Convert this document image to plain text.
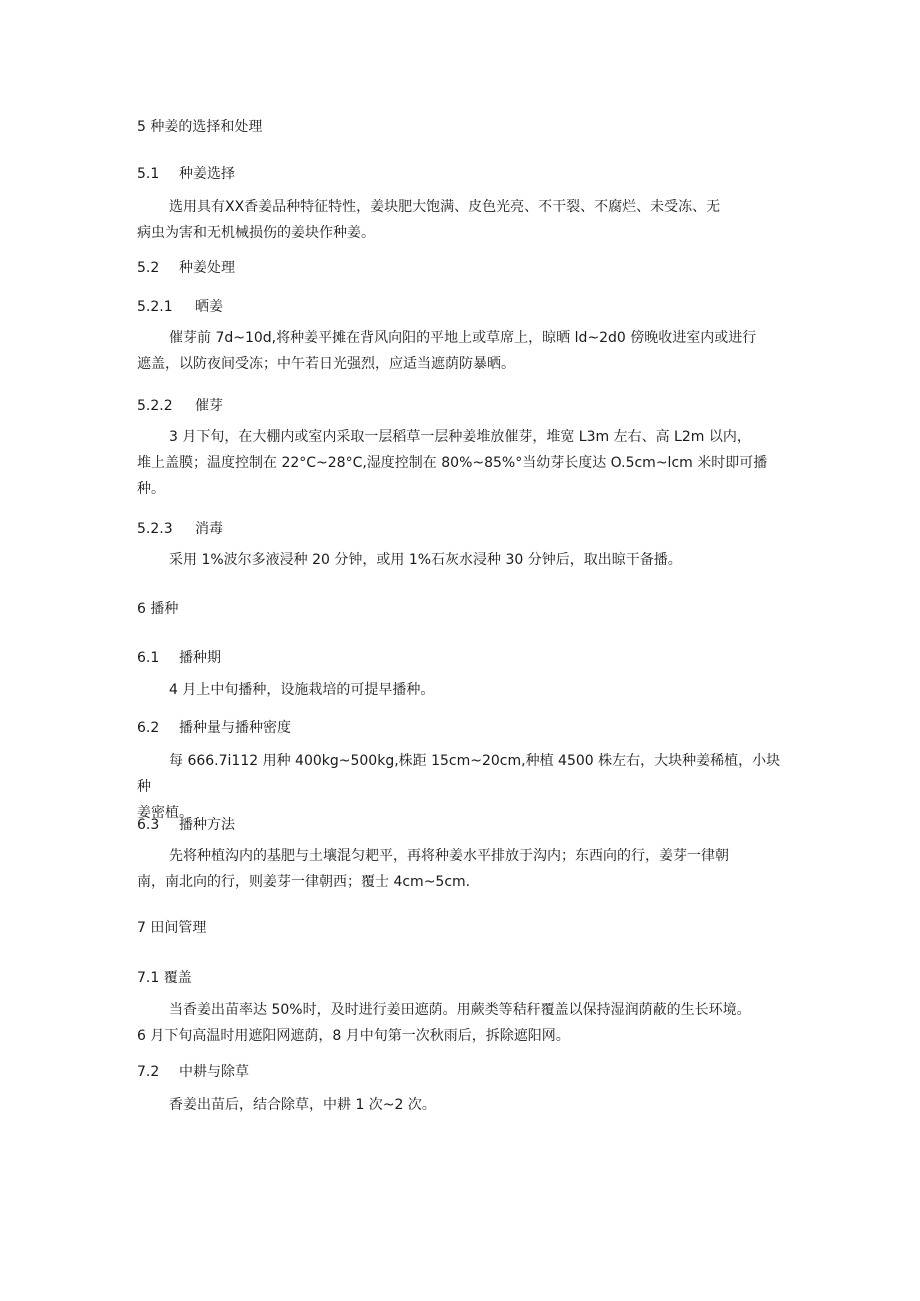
5 种姜的选择和处理
5.1 种姜选择
选用具有XX香姜品种特征特性，姜块肥大饱满、皮色光亮、不干裂、不腐烂、未受冻、无
病虫为害和无机械损伤的姜块作种姜。
5.2 种姜处理
5.2.1 晒姜
催芽前 7d~10d,将种姜平摊在背风向阳的平地上或草席上，晾晒 ld~2d0 傍晚收进室内或进行
遮盖，以防夜间受冻；中午若日光强烈，应适当遮荫防暴晒。
5.2.2 催芽
3 月下旬，在大棚内或室内采取一层稻草一层种姜堆放催芽，堆宽 L3m 左右、高 L2m 以内，
堆上盖膜；温度控制在 22°C~28°C,湿度控制在 80%~85%°当幼芽长度达 O.5cm~lcm 米时即可播
种。
5.2.3 消毒
采用 1%波尔多液浸种 20 分钟，或用 1%石灰水浸种 30 分钟后，取出晾干备播。
6 播种
6.1 播种期
4 月上中旬播种，设施栽培的可提早播种。
6.2 播种量与播种密度
每 666.7i112 用种 400kg~500kg,株距 15cm~20cm,种植 4500 株左右，大块种姜稀植，小块种
姜密植。
6.3 播种方法
先将种植沟内的基肥与土壤混匀耙平，再将种姜水平排放于沟内；东西向的行，姜芽一律朝
南，南北向的行，则姜芽一律朝西；覆士 4cm~5cm.
7 田间管理
7.1 覆盖
当香姜出苗率达 50%时，及时进行姜田遮荫。用蕨类等秸秆覆盖以保持湿润荫蔽的生长环境。
6 月下旬高温时用遮阳网遮荫，8 月中旬第一次秋雨后，拆除遮阳网。
7.2 中耕与除草
香姜出苗后，结合除草，中耕 1 次~2 次。
